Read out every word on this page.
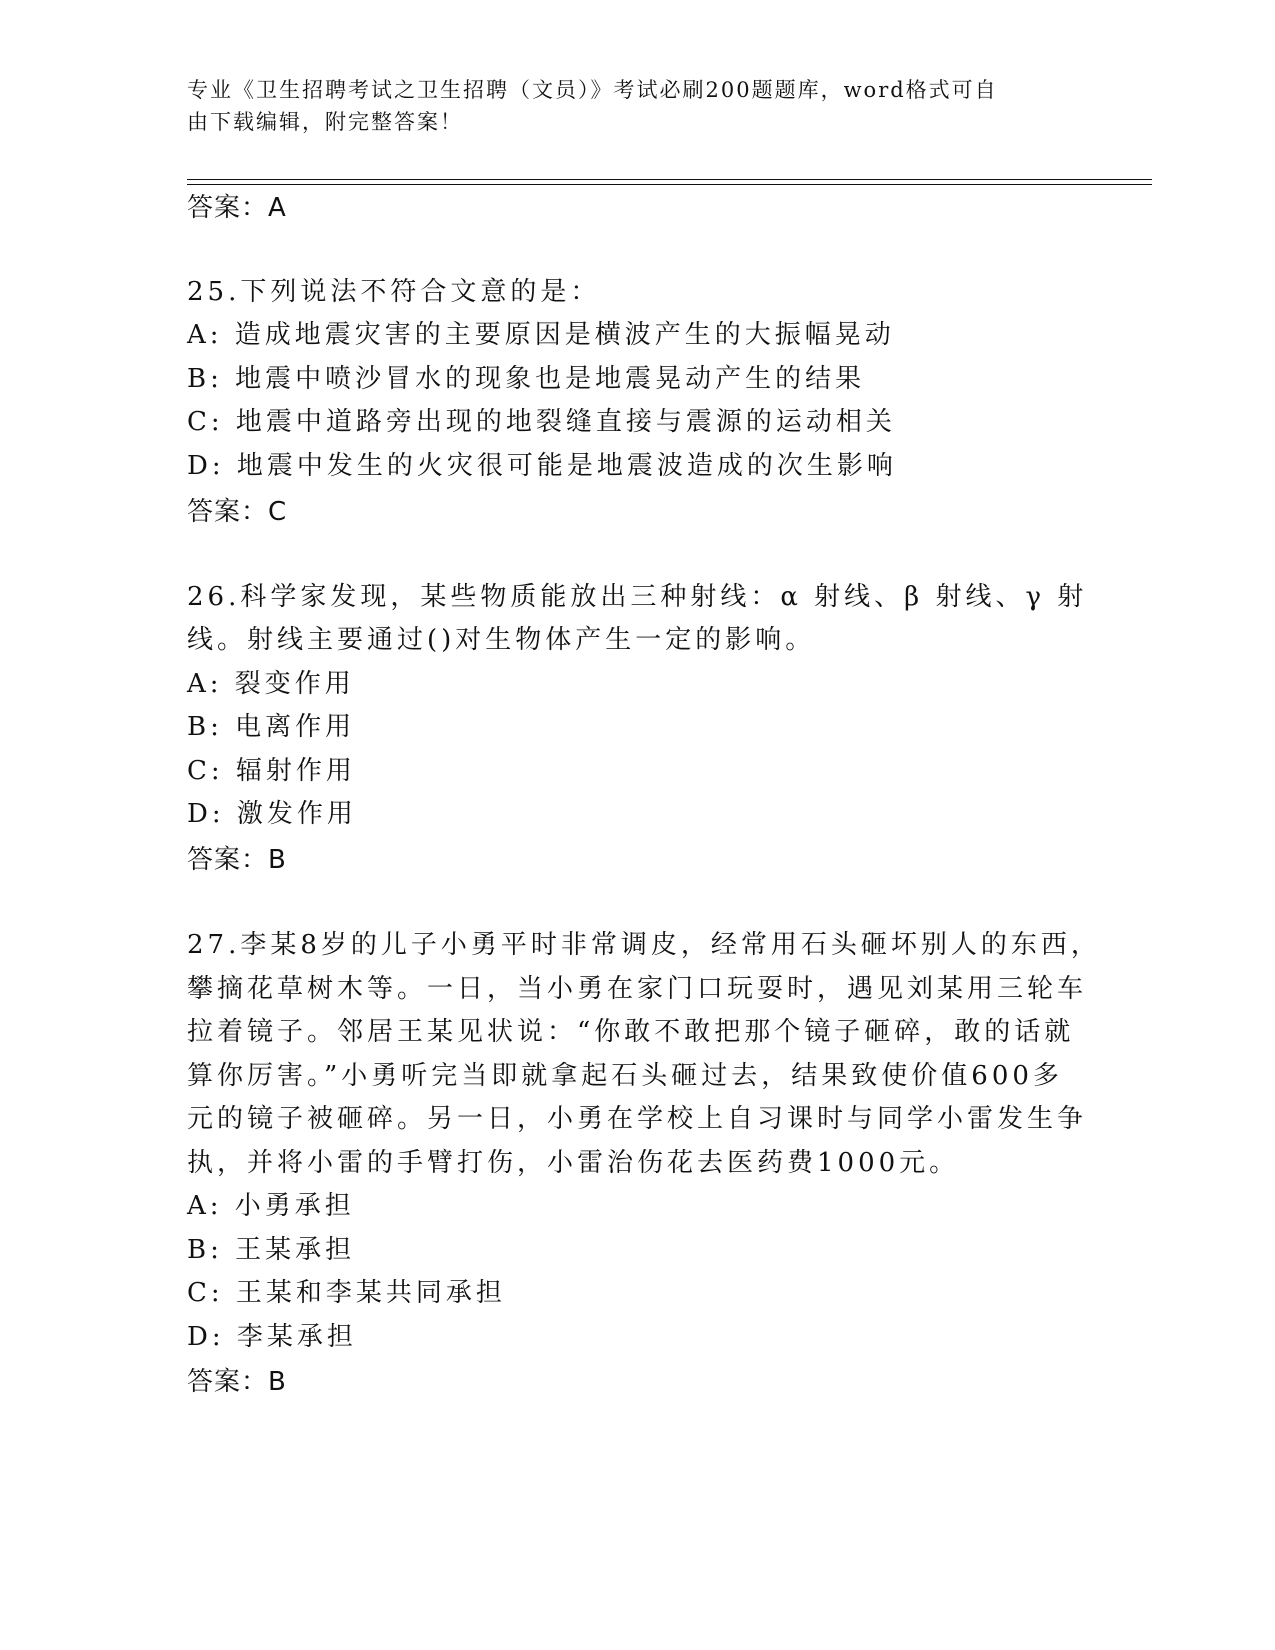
专业《卫生招聘考试之卫生招聘（文员）》考试必刷200题题库，word格式可自
由下载编辑，附完整答案！
答案：A
25.下列说法不符合文意的是：
A: 造成地震灾害的主要原因是横波产生的大振幅晃动
B: 地震中喷沙冒水的现象也是地震晃动产生的结果
C: 地震中道路旁出现的地裂缝直接与震源的运动相关
D: 地震中发生的火灾很可能是地震波造成的次生影响
答案：C
26.科学家发现，某些物质能放出三种射线：α 射线、β 射线、γ 射
线。射线主要通过()对生物体产生一定的影响。
A: 裂变作用
B: 电离作用
C: 辐射作用
D: 激发作用
答案：B
27.李某8岁的儿子小勇平时非常调皮，经常用石头砸坏别人的东西，
攀摘花草树木等。一日，当小勇在家门口玩耍时，遇见刘某用三轮车
拉着镜子。邻居王某见状说：“你敢不敢把那个镜子砸碎，敢的话就
算你厉害。”小勇听完当即就拿起石头砸过去，结果致使价值600多
元的镜子被砸碎。另一日，小勇在学校上自习课时与同学小雷发生争
执，并将小雷的手臂打伤，小雷治伤花去医药费1000元。
A: 小勇承担
B: 王某承担
C: 王某和李某共同承担
D: 李某承担
答案：B
